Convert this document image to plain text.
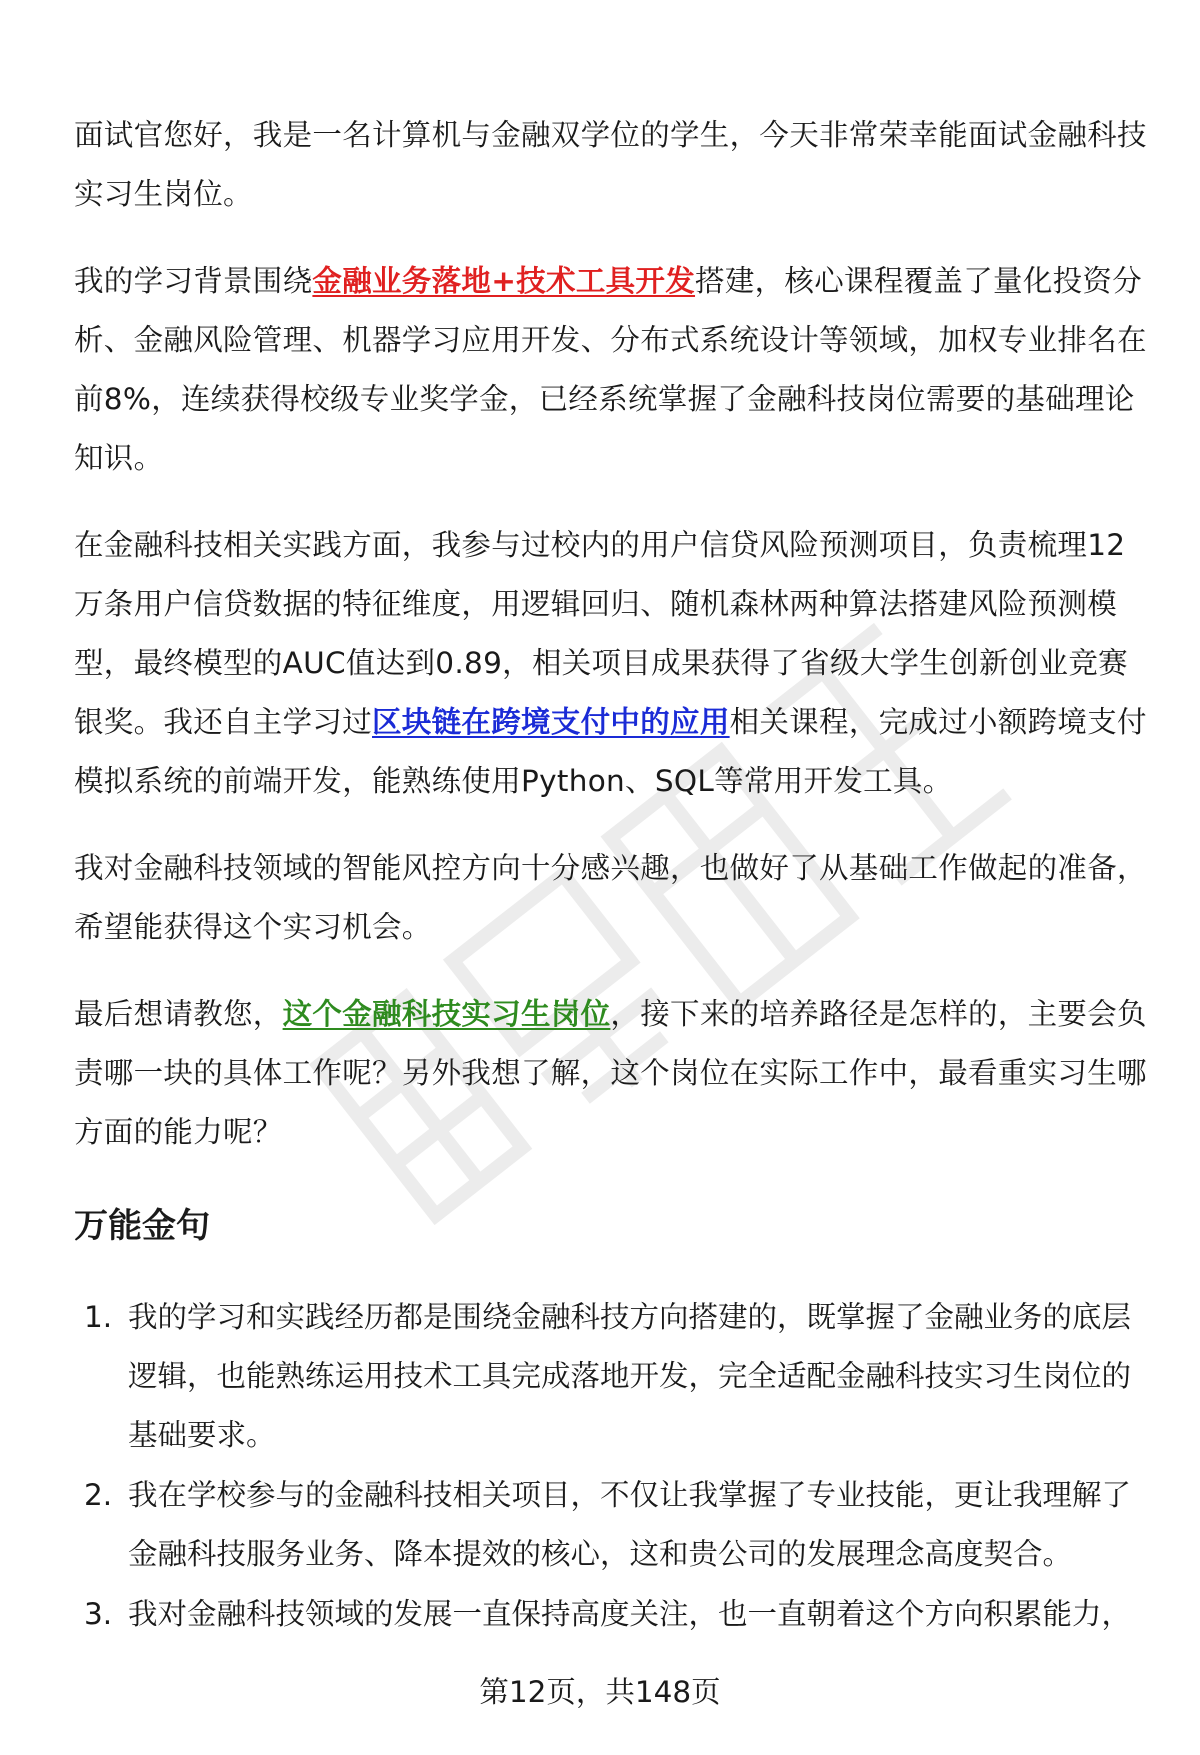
面试官您好，我是一名计算机与金融双学位的学生，今天非常荣幸能面试金融科技实习生岗位。

我的学习背景围绕金融业务落地+技术工具开发搭建，核心课程覆盖了量化投资分析、金融风险管理、机器学习应用开发、分布式系统设计等领域，加权专业排名在前8%，连续获得校级专业奖学金，已经系统掌握了金融科技岗位需要的基础理论知识。

在金融科技相关实践方面，我参与过校内的用户信贷风险预测项目，负责梳理12万条用户信贷数据的特征维度，用逻辑回归、随机森林两种算法搭建风险预测模型，最终模型的AUC值达到0.89，相关项目成果获得了省级大学生创新创业竞赛银奖。我还自主学习过区块链在跨境支付中的应用相关课程，完成过小额跨境支付模拟系统的前端开发，能熟练使用Python、SQL等常用开发工具。

我对金融科技领域的智能风控方向十分感兴趣，也做好了从基础工作做起的准备，希望能获得这个实习机会。

最后想请教您，这个金融科技实习生岗位，接下来的培养路径是怎样的，主要会负责哪一块的具体工作呢？另外我想了解，这个岗位在实际工作中，最看重实习生哪方面的能力呢？

万能金句
1. 我的学习和实践经历都是围绕金融科技方向搭建的，既掌握了金融业务的底层逻辑，也能熟练运用技术工具完成落地开发，完全适配金融科技实习生岗位的基础要求。
2. 我在学校参与的金融科技相关项目，不仅让我掌握了专业技能，更让我理解了金融科技服务业务、降本提效的核心，这和贵公司的发展理念高度契合。
3. 我对金融科技领域的发展一直保持高度关注，也一直朝着这个方向积累能力，
第12页，共148页
